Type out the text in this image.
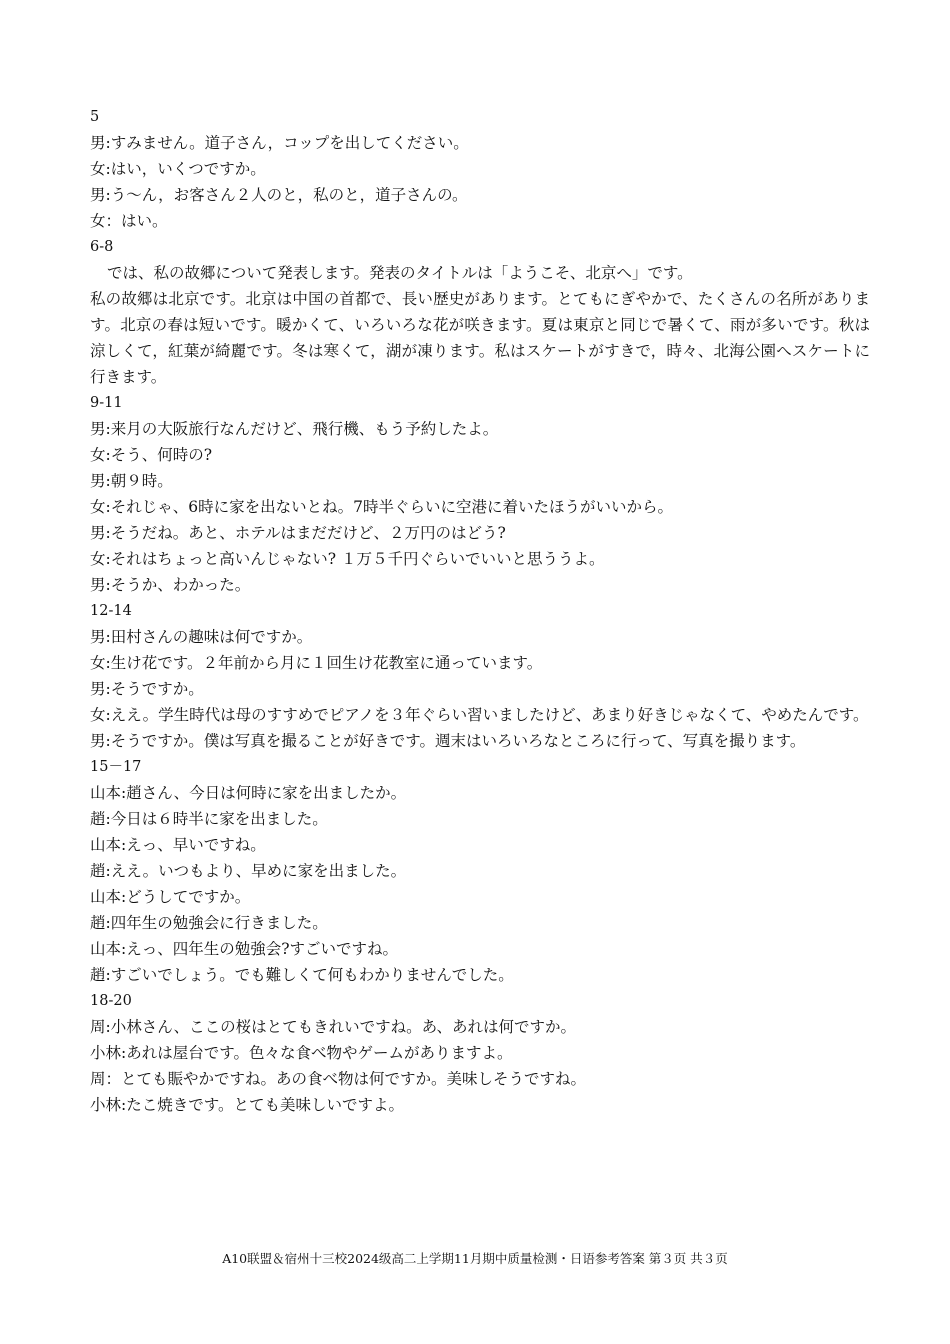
5
男:すみません。道子さん，コップを出してください。
女:はい，いくつですか。
男:う～ん，お客さん２人のと，私のと，道子さんの。
女：はい。
6-8
では、私の故郷について発表します。発表のタイトルは「ようこそ、北京へ」です。
私の故郷は北京です。北京は中国の首都で、長い歴史があります。とてもにぎやかで、たくさんの名所があります。北京の春は短いです。暖かくて、いろいろな花が咲きます。夏は東京と同じで暑くて、雨が多いです。秋は涼しくて，紅葉が綺麗です。冬は寒くて，湖が凍ります。私はスケートがすきで，時々、北海公園へスケートに行きます。
9-11
男:来月の大阪旅行なんだけど、飛行機、もう予約したよ。
女:そう、何時の?
男:朝９時。
女:それじゃ、6時に家を出ないとね。7時半ぐらいに空港に着いたほうがいいから。
男:そうだね。あと、ホテルはまだだけど、２万円のはどう?
女:それはちょっと高いんじゃない? １万５千円ぐらいでいいと思ううよ。
男:そうか、わかった。
12-14
男:田村さんの趣味は何ですか。
女:生け花です。２年前から月に１回生け花教室に通っています。
男:そうですか。
女:ええ。学生時代は母のすすめでピアノを３年ぐらい習いましたけど、あまり好きじゃなくて、やめたんです。
男:そうですか。僕は写真を撮ることが好きです。週末はいろいろなところに行って、写真を撮ります。
15－17
山本:趙さん、今日は何時に家を出ましたか。
趙:今日は６時半に家を出ました。
山本:えっ、早いですね。
趙:ええ。いつもより、早めに家を出ました。
山本:どうしてですか。
趙:四年生の勉強会に行きました。
山本:えっ、四年生の勉強会?すごいですね。
趙:すごいでしょう。でも難しくて何もわかりませんでした。
18-20
周:小林さん、ここの桜はとてもきれいですね。あ、あれは何ですか。
小林:あれは屋台です。色々な食べ物やゲームがありますよ。
周：とても賑やかですね。あの食べ物は何ですか。美味しそうですね。
小林:たこ焼きです。とても美味しいですよ。
A10联盟＆宿州十三校2024级高二上学期11月期中质量检测・日语参考答案 第３页 共３页
